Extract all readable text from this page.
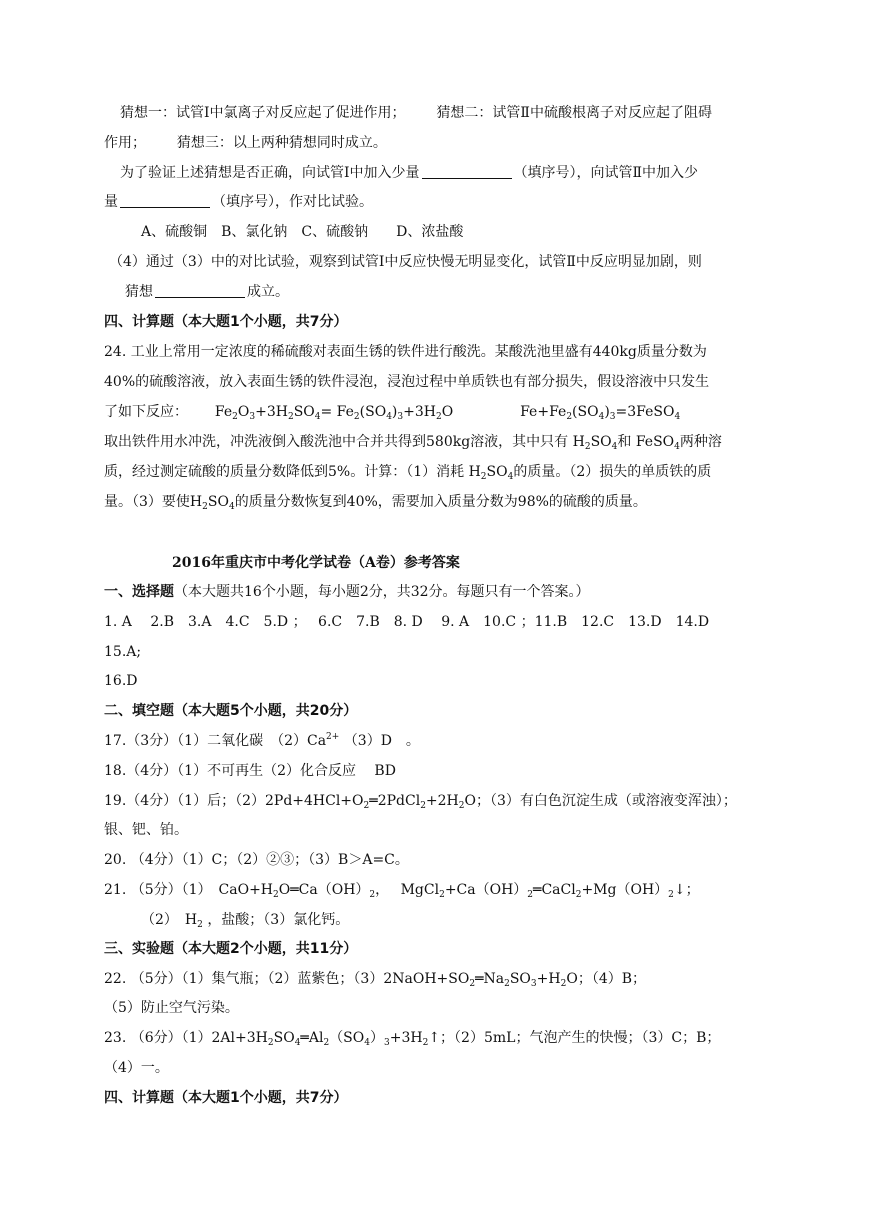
猜想一：试管Ⅰ中氯离子对反应起了促进作用； 猜想二：试管Ⅱ中硫酸根离子对反应起了阻碍
作用； 猜想三：以上两种猜想同时成立。
为了验证上述猜想是否正确，向试管Ⅰ中加入少量	（填序号），向试管Ⅱ中加入少
量	（填序号），作对比试验。
A、硫酸铜　B、氯化钠　C、硫酸钠　　D、浓盐酸
（4）通过（3）中的对比试验，观察到试管Ⅰ中反应快慢无明显变化，试管Ⅱ中反应明显加剧，则
猜想	成立。
四、计算题（本大题1个小题，共7分）
24. 工业上常用一定浓度的稀硫酸对表面生锈的铁件进行酸洗。某酸洗池里盛有440kg质量分数为
40%的硫酸溶液，放入表面生锈的铁件浸泡，浸泡过程中单质铁也有部分损失，假设溶液中只发生
了如下反应： $Fe_2O_3+3H_2SO_4= Fe_2(SO_4)_3+3H_2O$	$Fe+Fe_2(SO_4)_3=3FeSO_4$
取出铁件用水冲洗，冲洗液倒入酸洗池中合并共得到580kg溶液，其中只有 $H_2SO_4$和 FeSO$_4$两种溶
质，经过测定硫酸的质量分数降低到5%。计算：（1）消耗 $H_2SO_4$的质量。（2）损失的单质铁的质
量。（3）要使$H_2SO_4$的质量分数恢复到40%，需要加入质量分数为98%的硫酸的质量。
2016年重庆市中考化学试卷（A卷）参考答案
一、选择题（本大题共16个小题，每小题2分，共32分。每题只有一个答案。）
1. A　 2.B　3.A　4.C　5.D ；　 6.C　7.B　8. D　 9. A　10.C ；11.B　12.C　13.D　14.D
15.A;
16.D
二、填空题（本大题5个小题，共20分）
17.（3分）（1）二氧化碳　$(2)Ca^{2+}$ （3）D　。
18.（4分）（1）不可再生（2）化合反应　 BD
19.（4分）（1）后；$(2)2Pd+4HCl+O_2═2PdCl_2+2H_2O$；（3）有白色沉淀生成（或溶液变浑浊）；
银、钯、铂。
20. （4分）（1）C；（2）②③；（3）B＞A=C。
21. （5分）（1）　$CaO+H_2O═Ca(OH)_2$，　 $MgCl_2+Ca(OH)_2═CaCl_2+Mg(OH)_2↓$；
（2）　$H_2$ ，盐酸；（3）氯化钙。
三、实验题（本大题2个小题，共11分）
22. （5分）（1）集气瓶；（2）蓝紫色；$(3)2NaOH+SO_2═Na_2SO_3+H_2O$；（4）B；
（5）防止空气污染。
23. （6分）$(1)2Al+3H_2SO_4═Al_2(SO_4)_3+3H_2↑$；（2）5mL；气泡产生的快慢；（3）C；B；
（4）一。
四、计算题（本大题1个小题，共7分）
